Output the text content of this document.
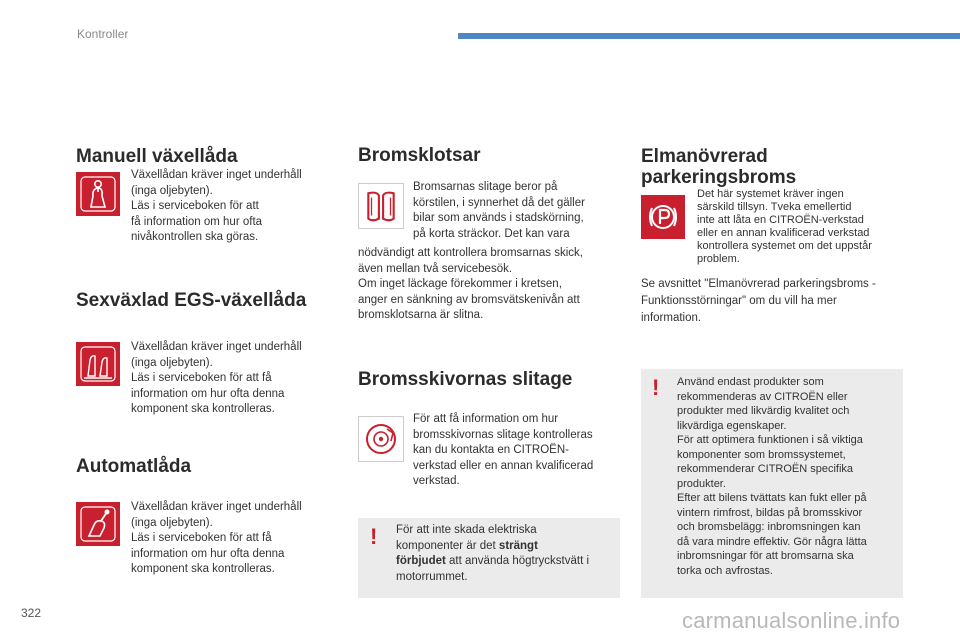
Kontroller
Manuell växellåda
Växellådan kräver inget underhåll
(inga oljebyten).
Läs i serviceboken för att
få information om hur ofta
nivåkontrollen ska göras.
Sexväxlad EGS-växellåda
Växellådan kräver inget underhåll
(inga oljebyten).
Läs i serviceboken för att få
information om hur ofta denna
komponent ska kontrolleras.
Automatlåda
Växellådan kräver inget underhåll
(inga oljebyten).
Läs i serviceboken för att få
information om hur ofta denna
komponent ska kontrolleras.
Bromsklotsar
Bromsarnas slitage beror på
körstilen, i synnerhet då det gäller
bilar som används i stadskörning,
på korta sträckor. Det kan vara
nödvändigt att kontrollera bromsarnas skick,
även mellan två servicebesök.
Om inget läckage förekommer i kretsen,
anger en sänkning av bromsvätskenivån att
bromsklotsarna är slitna.
Bromsskivornas slitage
För att få information om hur
bromsskivornas slitage kontrolleras
kan du kontakta en CITROËN-
verkstad eller en annan kvalificerad
verkstad.
! För att inte skada elektriska
komponenter är det strängt
förbjudet att använda högtryckstvätt i
motorrummet.
Elmanövrerad
parkeringsbroms
Det här systemet kräver ingen
särskild tillsyn. Tveka emellertid
inte att låta en CITROËN-verkstad
eller en annan kvalificerad verkstad
kontrollera systemet om det uppstår
problem.
Se avsnittet "Elmanövrerad parkeringsbroms -
Funktionsstörningar" om du vill ha mer
information.
! Använd endast produkter som
rekommenderas av CITROËN eller
produkter med likvärdig kvalitet och
likvärdiga egenskaper.
För att optimera funktionen i så viktiga
komponenter som bromssystemet,
rekommenderar CITROËN specifika
produkter.
Efter att bilens tvättats kan fukt eller på
vintern rimfrost, bildas på bromsskivor
och bromsbelägg: inbromsningen kan
då vara mindre effektiv. Gör några lätta
inbromsningar för att bromsarna ska
torka och avfrostas.
322	carmanualsonline.info
